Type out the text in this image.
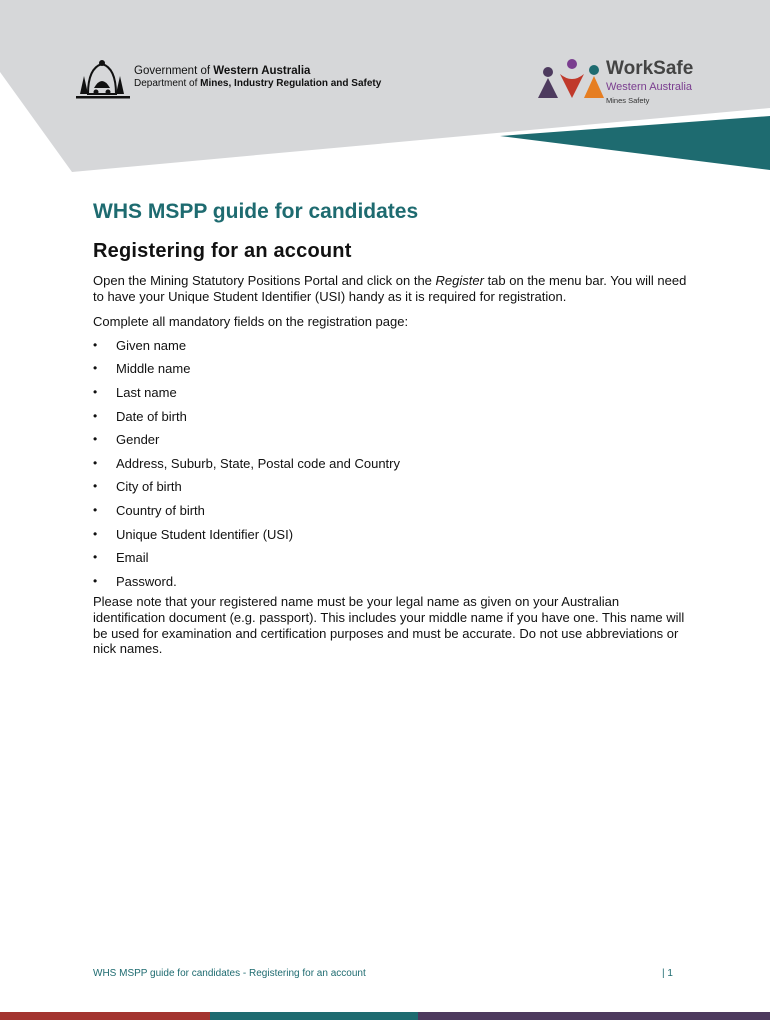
Government of Western Australia
Department of Mines, Industry Regulation and Safety
WorkSafe
Western Australia
Mines Safety
WHS MSPP guide for candidates
Registering for an account

Open the Mining Statutory Positions Portal and click on the Register tab on the menu bar. You will need to have your Unique Student Identifier (USI) handy as it is required for registration.

Complete all mandatory fields on the registration page:

• Given name
• Middle name
• Last name
• Date of birth
• Gender
• Address, Suburb, State, Postal code and Country
• City of birth
• Country of birth
• Unique Student Identifier (USI)
• Email
• Password.

Please note that your registered name must be your legal name as given on your Australian identification document (e.g. passport). This includes your middle name if you have one. This name will be used for examination and certification purposes and must be accurate. Do not use abbreviations or nick names.

WHS MSPP guide for candidates - Registering for an account	| 1
